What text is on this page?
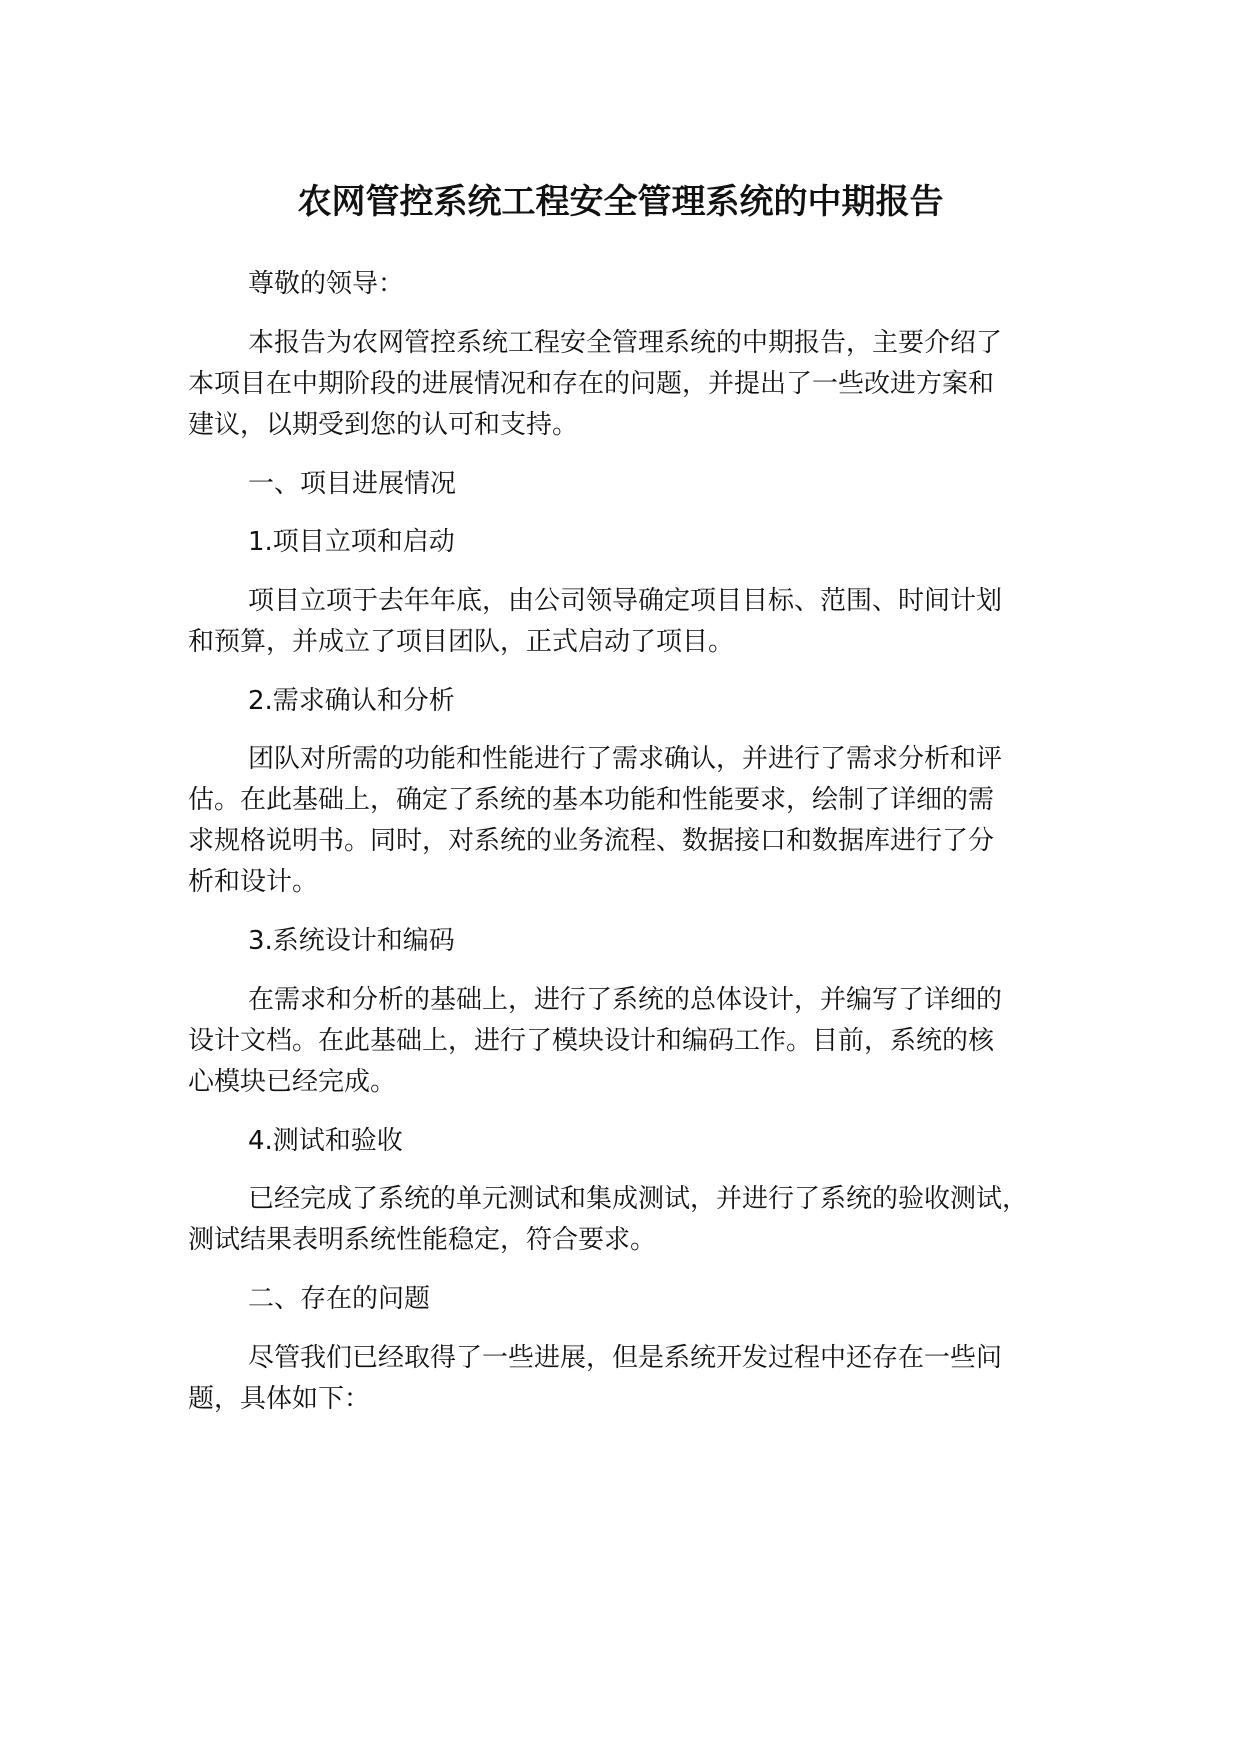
农网管控系统工程安全管理系统的中期报告
尊敬的领导：
本报告为农网管控系统工程安全管理系统的中期报告，主要介绍了
本项目在中期阶段的进展情况和存在的问题，并提出了一些改进方案和
建议，以期受到您的认可和支持。
一、项目进展情况
1.项目立项和启动
项目立项于去年年底，由公司领导确定项目目标、范围、时间计划
和预算，并成立了项目团队，正式启动了项目。
2.需求确认和分析
团队对所需的功能和性能进行了需求确认，并进行了需求分析和评
估。在此基础上，确定了系统的基本功能和性能要求，绘制了详细的需
求规格说明书。同时，对系统的业务流程、数据接口和数据库进行了分
析和设计。
3.系统设计和编码
在需求和分析的基础上，进行了系统的总体设计，并编写了详细的
设计文档。在此基础上，进行了模块设计和编码工作。目前，系统的核
心模块已经完成。
4.测试和验收
已经完成了系统的单元测试和集成测试，并进行了系统的验收测试，
测试结果表明系统性能稳定，符合要求。
二、存在的问题
尽管我们已经取得了一些进展，但是系统开发过程中还存在一些问
题，具体如下：
